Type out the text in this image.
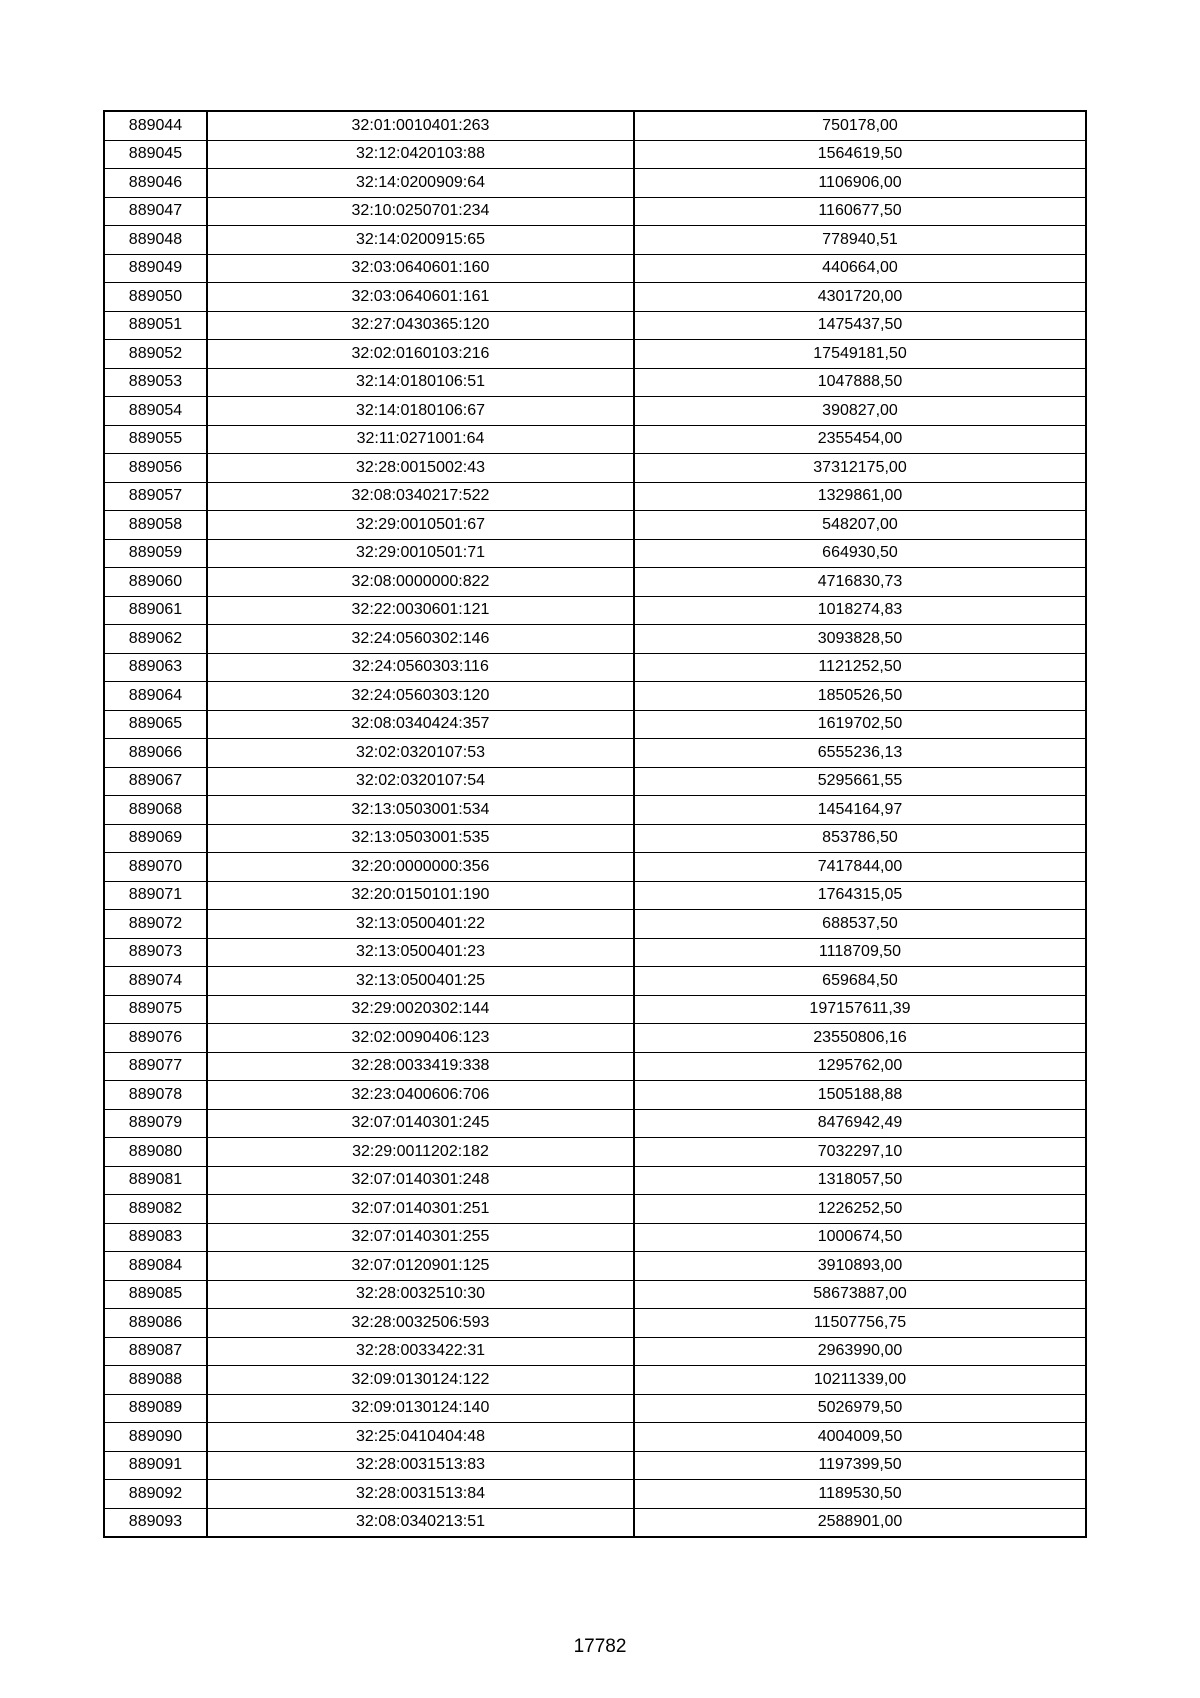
889044	32:01:0010401:263	750178,00
889045	32:12:0420103:88	1564619,50
889046	32:14:0200909:64	1106906,00
889047	32:10:0250701:234	1160677,50
889048	32:14:0200915:65	778940,51
889049	32:03:0640601:160	440664,00
889050	32:03:0640601:161	4301720,00
889051	32:27:0430365:120	1475437,50
889052	32:02:0160103:216	17549181,50
889053	32:14:0180106:51	1047888,50
889054	32:14:0180106:67	390827,00
889055	32:11:0271001:64	2355454,00
889056	32:28:0015002:43	37312175,00
889057	32:08:0340217:522	1329861,00
889058	32:29:0010501:67	548207,00
889059	32:29:0010501:71	664930,50
889060	32:08:0000000:822	4716830,73
889061	32:22:0030601:121	1018274,83
889062	32:24:0560302:146	3093828,50
889063	32:24:0560303:116	1121252,50
889064	32:24:0560303:120	1850526,50
889065	32:08:0340424:357	1619702,50
889066	32:02:0320107:53	6555236,13
889067	32:02:0320107:54	5295661,55
889068	32:13:0503001:534	1454164,97
889069	32:13:0503001:535	853786,50
889070	32:20:0000000:356	7417844,00
889071	32:20:0150101:190	1764315,05
889072	32:13:0500401:22	688537,50
889073	32:13:0500401:23	1118709,50
889074	32:13:0500401:25	659684,50
889075	32:29:0020302:144	197157611,39
889076	32:02:0090406:123	23550806,16
889077	32:28:0033419:338	1295762,00
889078	32:23:0400606:706	1505188,88
889079	32:07:0140301:245	8476942,49
889080	32:29:0011202:182	7032297,10
889081	32:07:0140301:248	1318057,50
889082	32:07:0140301:251	1226252,50
889083	32:07:0140301:255	1000674,50
889084	32:07:0120901:125	3910893,00
889085	32:28:0032510:30	58673887,00
889086	32:28:0032506:593	11507756,75
889087	32:28:0033422:31	2963990,00
889088	32:09:0130124:122	10211339,00
889089	32:09:0130124:140	5026979,50
889090	32:25:0410404:48	4004009,50
889091	32:28:0031513:83	1197399,50
889092	32:28:0031513:84	1189530,50
889093	32:08:0340213:51	2588901,00
17782
